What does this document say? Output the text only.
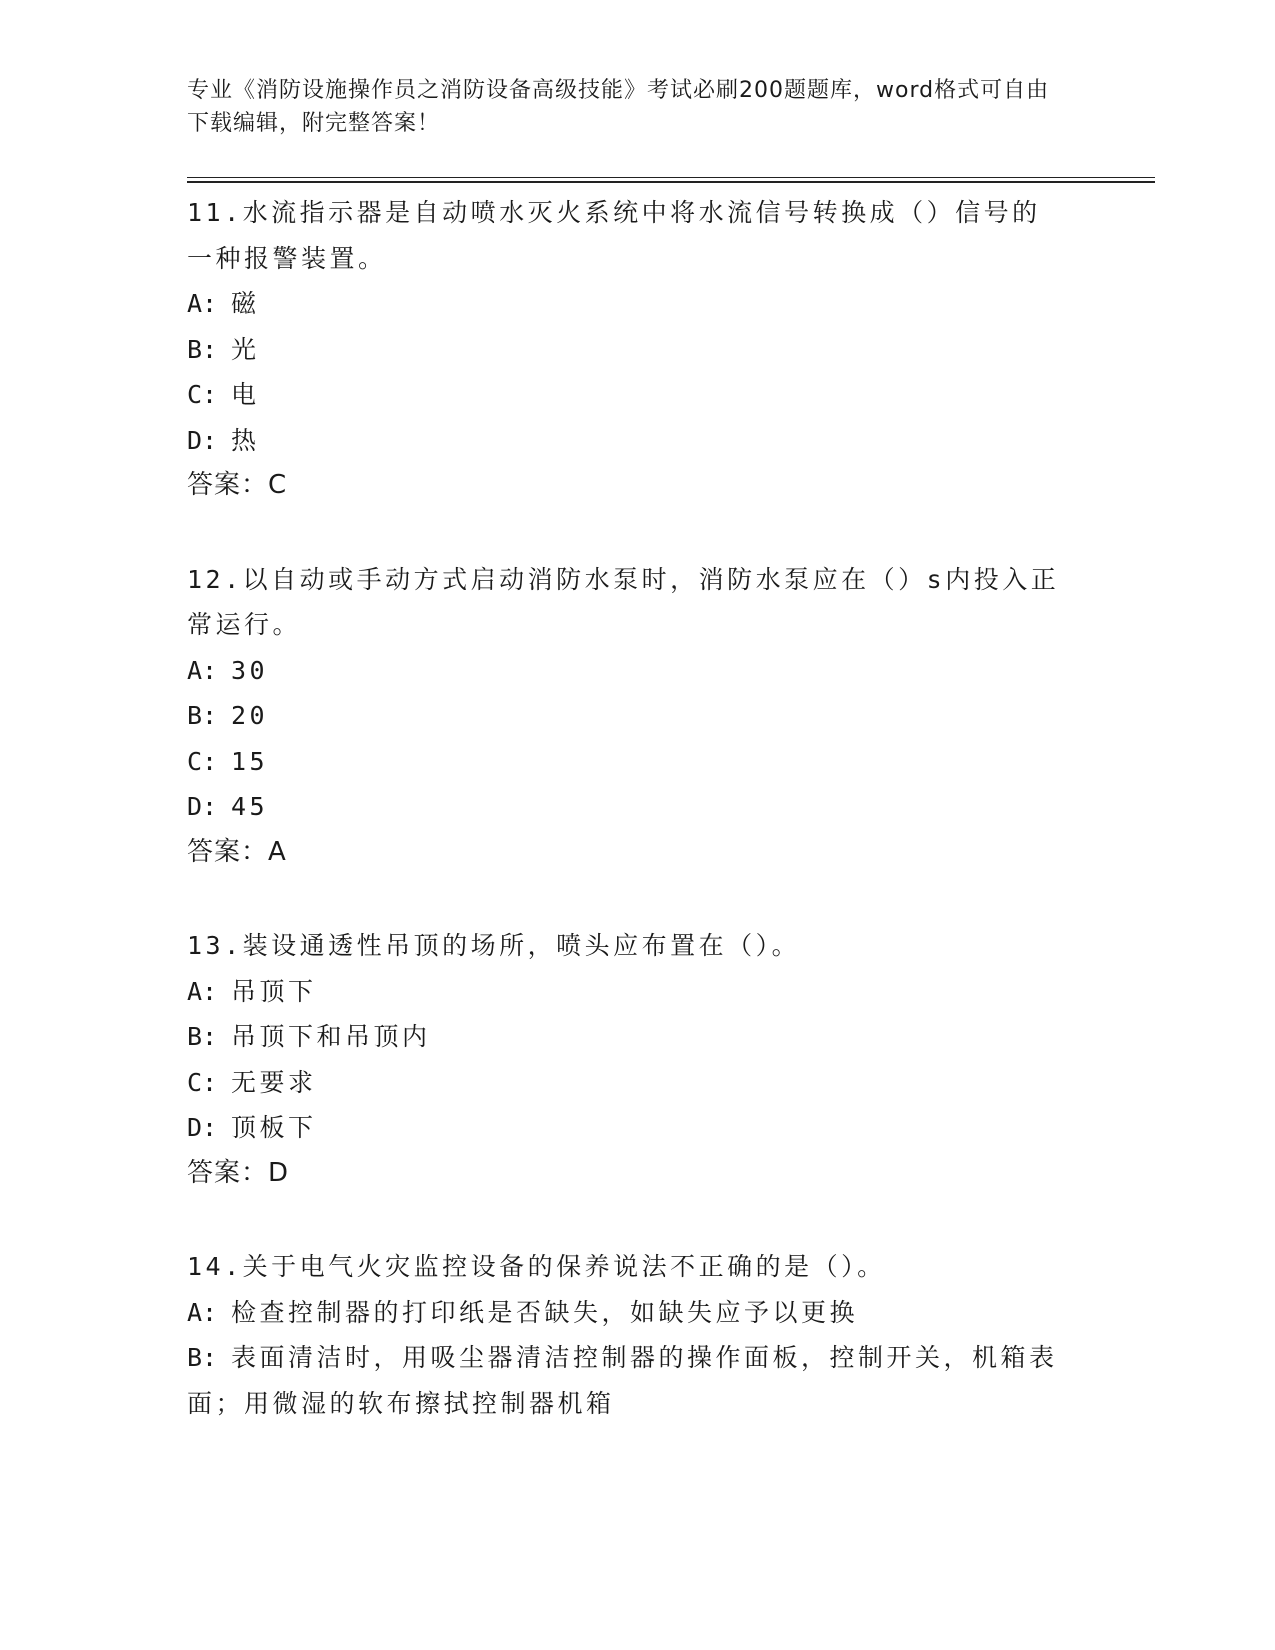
专业《消防设施操作员之消防设备高级技能》考试必刷200题题库，word格式可自由下载编辑，附完整答案！
11.水流指示器是自动喷水灭火系统中将水流信号转换成（）信号的一种报警装置。
A: 磁
B: 光
C: 电
D: 热
答案：C
12.以自动或手动方式启动消防水泵时，消防水泵应在（）s内投入正常运行。
A: 30
B: 20
C: 15
D: 45
答案：A
13.装设通透性吊顶的场所，喷头应布置在（）。
A: 吊顶下
B: 吊顶下和吊顶内
C: 无要求
D: 顶板下
答案：D
14.关于电气火灾监控设备的保养说法不正确的是（）。
A: 检查控制器的打印纸是否缺失，如缺失应予以更换
B: 表面清洁时，用吸尘器清洁控制器的操作面板，控制开关，机箱表面；用微湿的软布擦拭控制器机箱
